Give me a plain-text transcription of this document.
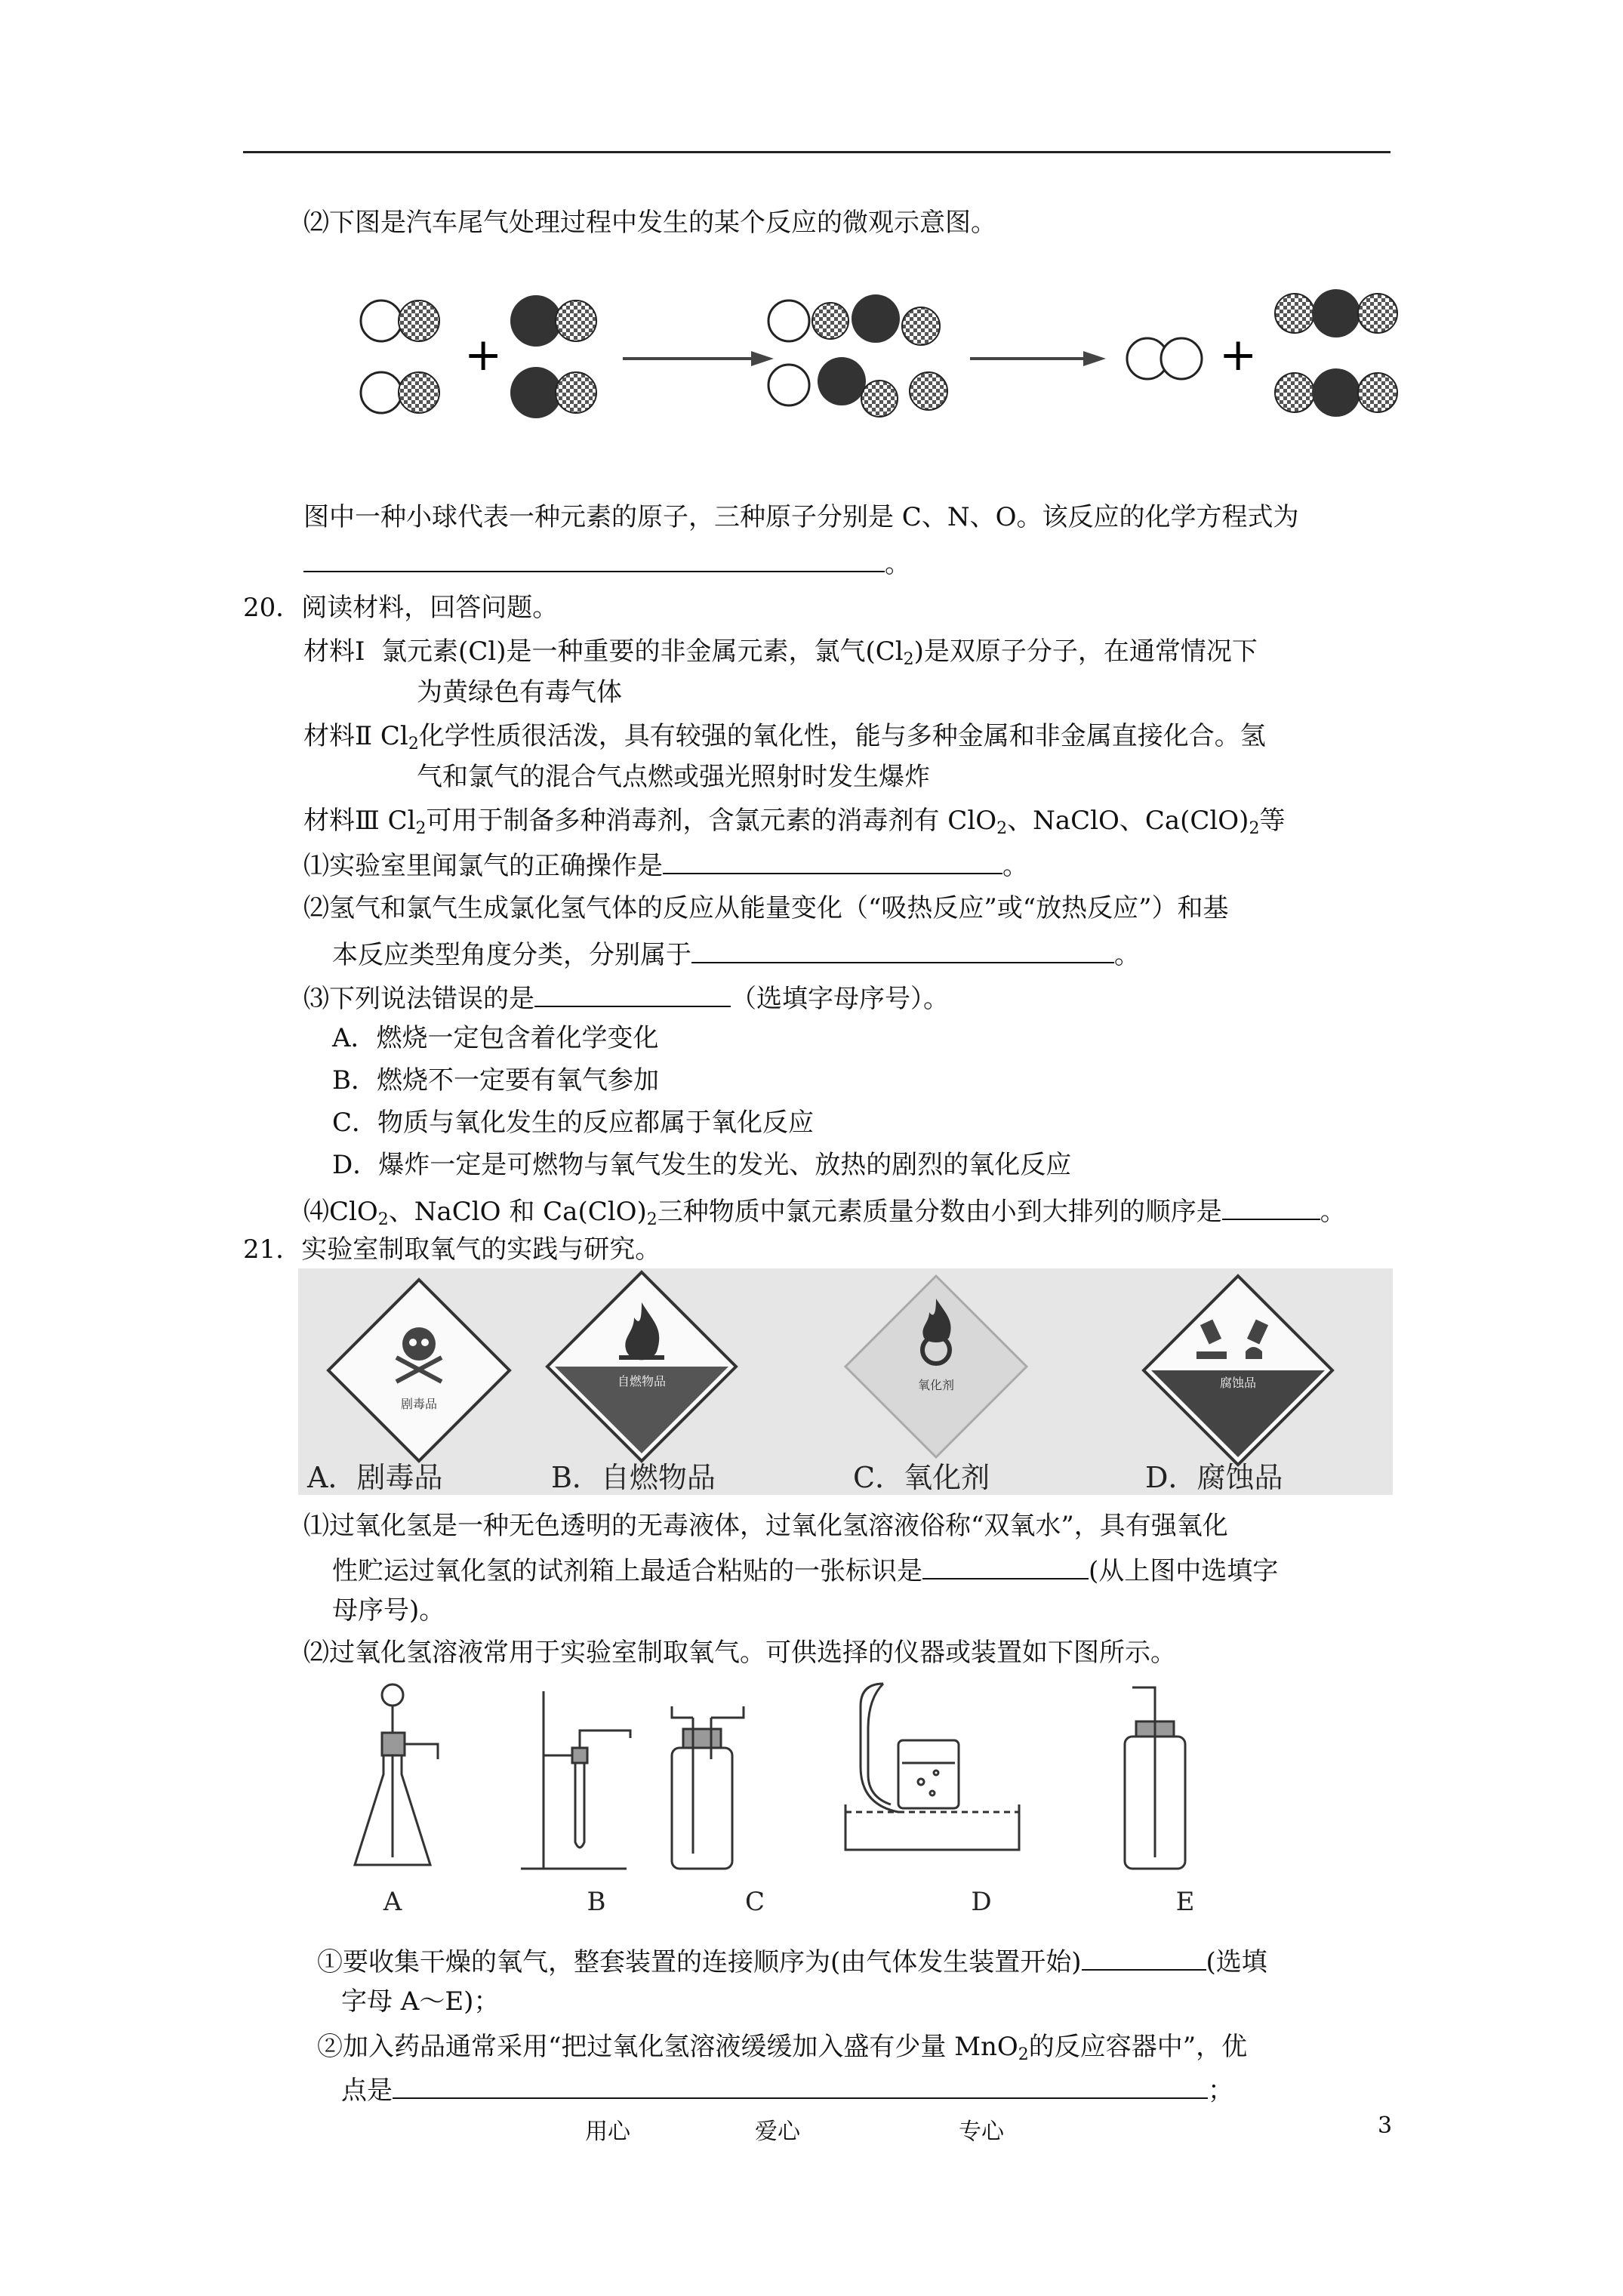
⑵下图是汽车尾气处理过程中发生的某个反应的微观示意图。
+	+
图中一种小球代表一种元素的原子，三种原子分别是 C、N、O。该反应的化学方程式为
。
20．阅读材料，回答问题。
材料Ⅰ 氯元素(Cl)是一种重要的非金属元素，氯气$(Cl_2)$是双原子分子，在通常情况下
为黄绿色有毒气体
材料Ⅱ $Cl_2$化学性质很活泼，具有较强的氧化性，能与多种金属和非金属直接化合。氢
气和氯气的混合气点燃或强光照射时发生爆炸
材料Ⅲ $Cl_2$可用于制备多种消毒剂，含氯元素的消毒剂有 ClO$_2$、NaClO、$Ca(ClO)_2$等
⑴实验室里闻氯气的正确操作是	。
⑵氢气和氯气生成氯化氢气体的反应从能量变化（“吸热反应”或“放热反应”）和基
本反应类型角度分类，分别属于	。
⑶下列说法错误的是	（选填字母序号）。
A．燃烧一定包含着化学变化
B．燃烧不一定要有氧气参加
C．物质与氧化发生的反应都属于氧化反应
D．爆炸一定是可燃物与氧气发生的发光、放热的剧烈的氧化反应
⑷ClO$_2$、NaClO 和 $Ca(ClO)_2$三种物质中氯元素质量分数由小到大排列的顺序是	。
21．实验室制取氧气的实践与研究。
剧毒品
自燃物品	氧化剂	腐蚀品
A．剧毒品	B．自燃物品	C．氧化剂	D．腐蚀品
⑴过氧化氢是一种无色透明的无毒液体，过氧化氢溶液俗称“双氧水”，具有强氧化
性贮运过氧化氢的试剂箱上最适合粘贴的一张标识是	(从上图中选填字
母序号)。
⑵过氧化氢溶液常用于实验室制取氧气。可供选择的仪器或装置如下图所示。
A	B	C	D	E
①要收集干燥的氧气，整套装置的连接顺序为(由气体发生装置开始)	(选填
字母 A～E)；
②加入药品通常采用“把过氧化氢溶液缓缓加入盛有少量 MnO$_2$的反应容器中”，优
点是	；
用心	爱心	专心	3
